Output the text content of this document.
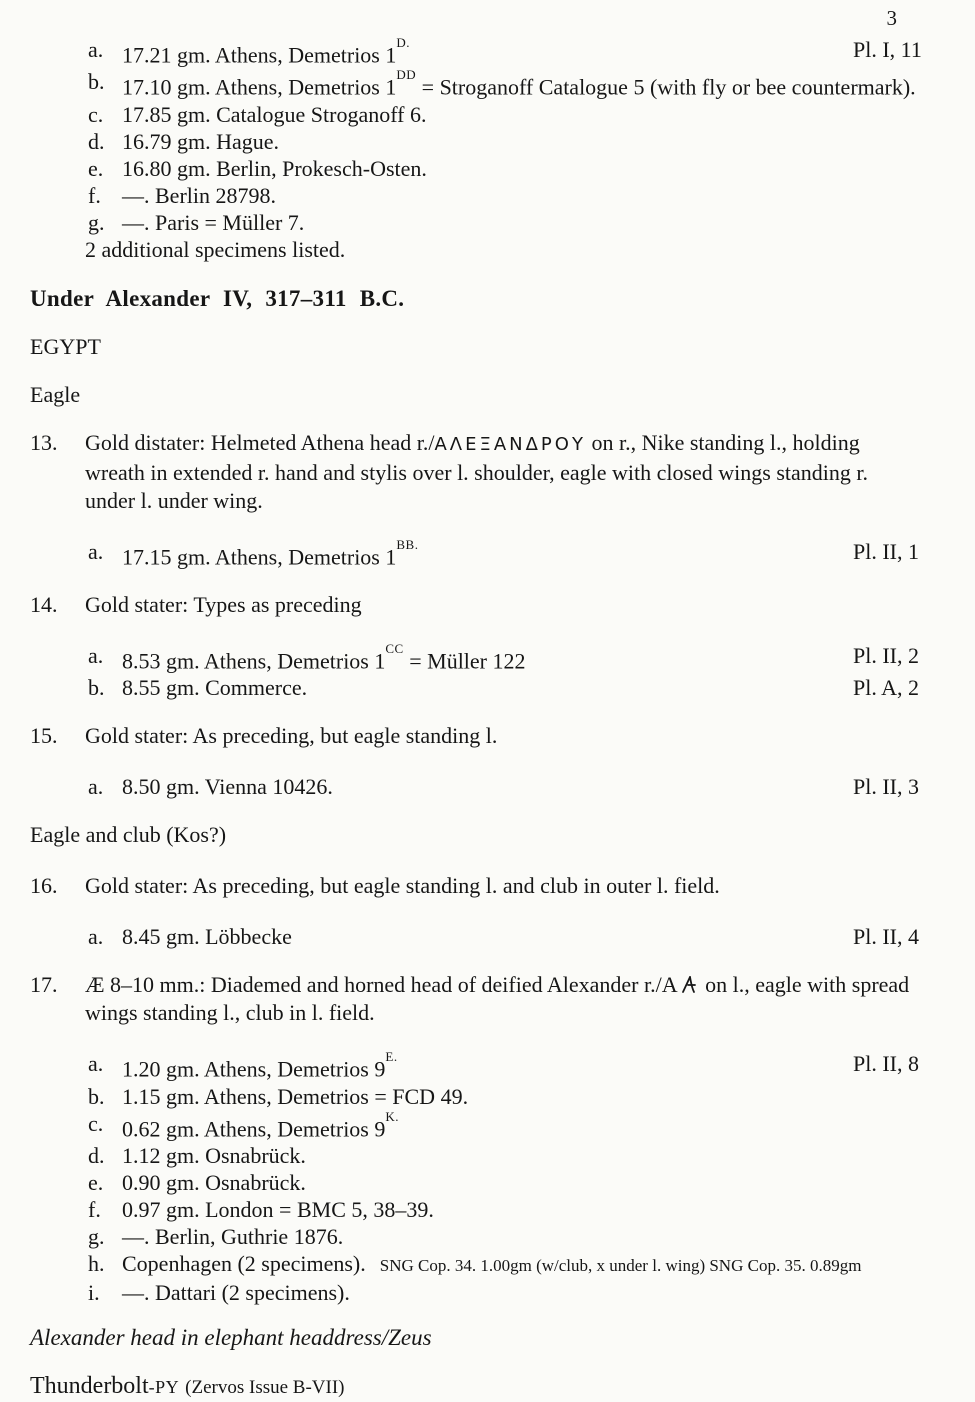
3
a. 17.21 gm. Athens, Demetrios $1^{D.}$	Pl. I, 11
b. 17.10 gm. Athens, Demetrios $1^{DD}$ = Stroganoff Catalogue 5 (with fly or bee countermark).
c. 17.85 gm. Catalogue Stroganoff 6.
d. 16.79 gm. Hague.
e. 16.80 gm. Berlin, Prokesch-Osten.
f. —. Berlin 28798.
g. —. Paris = Müller 7.
2 additional specimens listed.
Under Alexander IV, 317–311 B.C.
EGYPT
Eagle
13.	Gold distater: Helmeted Athena head r./ΑΛΕΞΑΝΔΡΟΥ on r., Nike standing l., holding wreath in extended r. hand and stylis over l. shoulder, eagle with closed wings standing r. under l. under wing.
a. 17.15 gm. Athens, Demetrios $1^{BB.}$	Pl. II, 1
14.	Gold stater: Types as preceding
a. 8.53 gm. Athens, Demetrios $1^{CC}$ = Müller 122	Pl. II, 2
b. 8.55 gm. Commerce.	Pl. A, 2
15.	Gold stater: As preceding, but eagle standing l.
a. 8.50 gm. Vienna 10426.	Pl. II, 3
Eagle and club (Kos?)
16.	Gold stater: As preceding, but eagle standing l. and club in outer l. field.
a. 8.45 gm. Löbbecke	Pl. II, 4
17.	Æ 8–10 mm.: Diademed and horned head of deified Alexander r./A on l., eagle with spread wings standing l., club in l. field.
a. 1.20 gm. Athens, Demetrios $9^{E.}$	Pl. II, 8
b. 1.15 gm. Athens, Demetrios = FCD 49.
c. 0.62 gm. Athens, Demetrios $9^{K.}$
d. 1.12 gm. Osnabrück.
e. 0.90 gm. Osnabrück.
f. 0.97 gm. London = BMC 5, 38–39.
g. —. Berlin, Guthrie 1876.
h. Copenhagen (2 specimens). SNG Cop. 34. 1.00gm (w/club, x under l. wing) SNG Cop. 35. 0.89gm
i.	—. Dattari (2 specimens).
Alexander head in elephant headdress/Zeus
Thunderbolt-PY (Zervos Issue B-VII)
